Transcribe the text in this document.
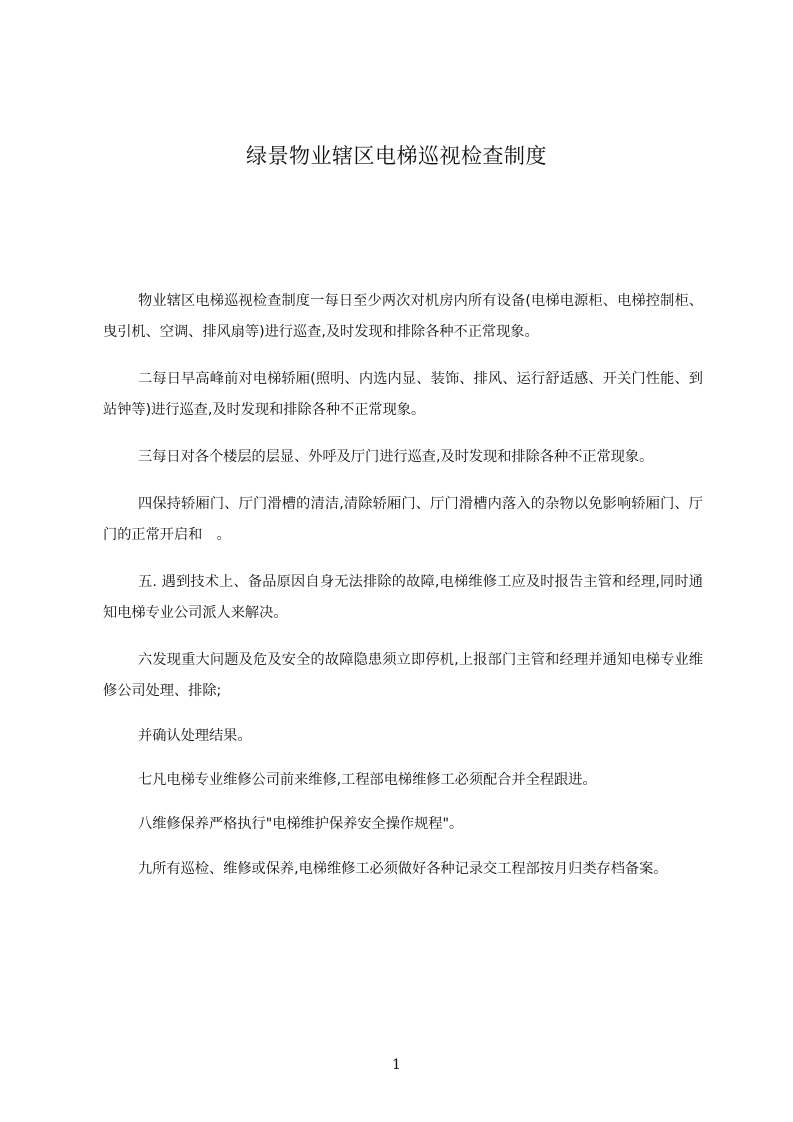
绿景物业辖区电梯巡视检查制度

物业辖区电梯巡视检查制度一每日至少两次对机房内所有设备(电梯电源柜、电梯控制柜、曳引机、空调、排风扇等)进行巡查,及时发现和排除各种不正常现象。

二每日早高峰前对电梯轿厢(照明、内选内显、装饰、排风、运行舒适感、开关门性能、到站钟等)进行巡查,及时发现和排除各种不正常现象。

三每日对各个楼层的层显、外呼及厅门进行巡查,及时发现和排除各种不正常现象。

四保持轿厢门、厅门滑槽的清洁,清除轿厢门、厅门滑槽内落入的杂物以免影响轿厢门、厅门的正常开启和　。

五. 遇到技术上、备品原因自身无法排除的故障,电梯维修工应及时报告主管和经理,同时通知电梯专业公司派人来解决。

六发现重大问题及危及安全的故障隐患须立即停机,上报部门主管和经理并通知电梯专业维修公司处理、排除;

并确认处理结果。

七凡电梯专业维修公司前来维修,工程部电梯维修工必须配合并全程跟进。

八维修保养严格执行"电梯维护保养安全操作规程"。

九所有巡检、维修或保养,电梯维修工必须做好各种记录交工程部按月归类存档备案。

1
